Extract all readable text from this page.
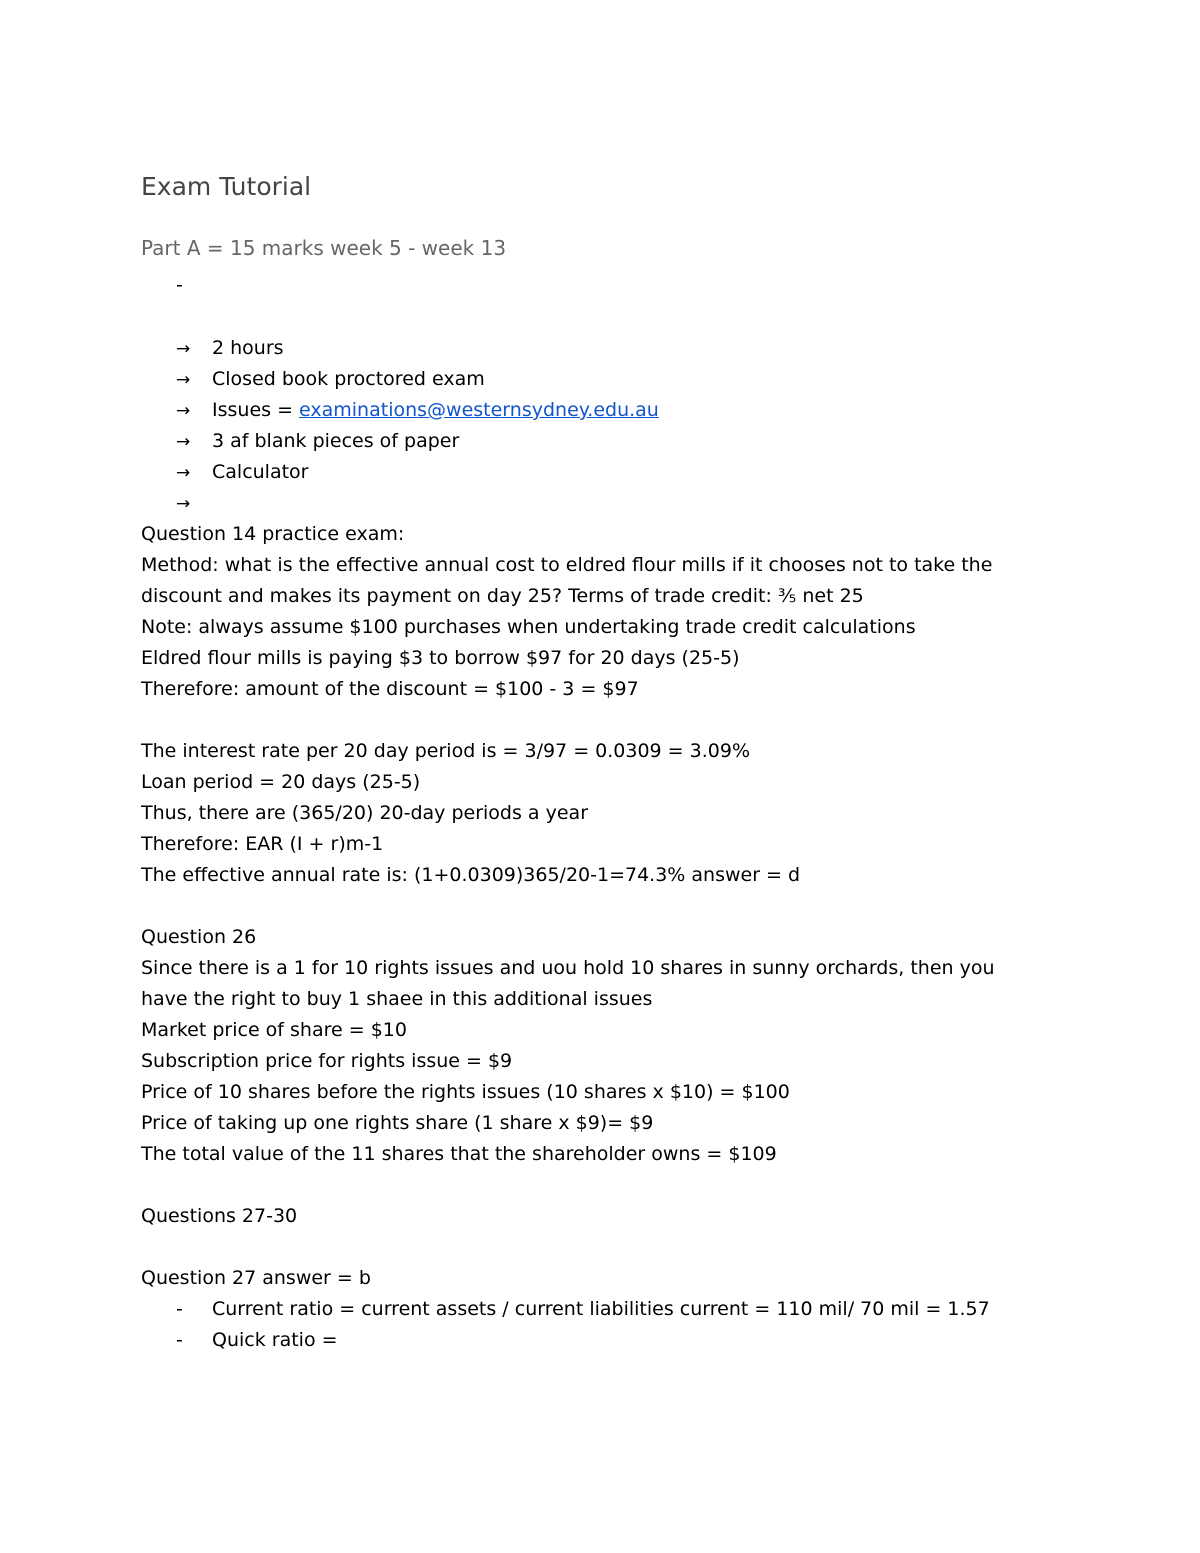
Exam Tutorial
Part A = 15 marks week 5 - week 13
-
→ 2 hours
→ Closed book proctored exam
→ Issues = examinations@westernsydney.edu.au
→ 3 af blank pieces of paper
→ Calculator
→
Question 14 practice exam:
Method: what is the effective annual cost to eldred flour mills if it chooses not to take the
discount and makes its payment on day 25? Terms of trade credit: ⅗ net 25
Note: always assume $100 purchases when undertaking trade credit calculations
Eldred flour mills is paying $3 to borrow $97 for 20 days (25-5)
Therefore: amount of the discount = $100 - 3 = $97
The interest rate per 20 day period is = 3/97 = 0.0309 = 3.09%
Loan period = 20 days (25-5)
Thus, there are (365/20) 20-day periods a year
Therefore: EAR (I + r)m-1
The effective annual rate is: (1+0.0309)365/20-1=74.3% answer = d
Question 26
Since there is a 1 for 10 rights issues and uou hold 10 shares in sunny orchards, then you
have the right to buy 1 shaee in this additional issues
Market price of share = $10
Subscription price for rights issue = $9
Price of 10 shares before the rights issues (10 shares x $10) = $100
Price of taking up one rights share (1 share x $9)= $9
The total value of the 11 shares that the shareholder owns = $109
Questions 27-30
Question 27 answer = b
- Current ratio = current assets / current liabilities current = 110 mil/ 70 mil = 1.57
- Quick ratio =
